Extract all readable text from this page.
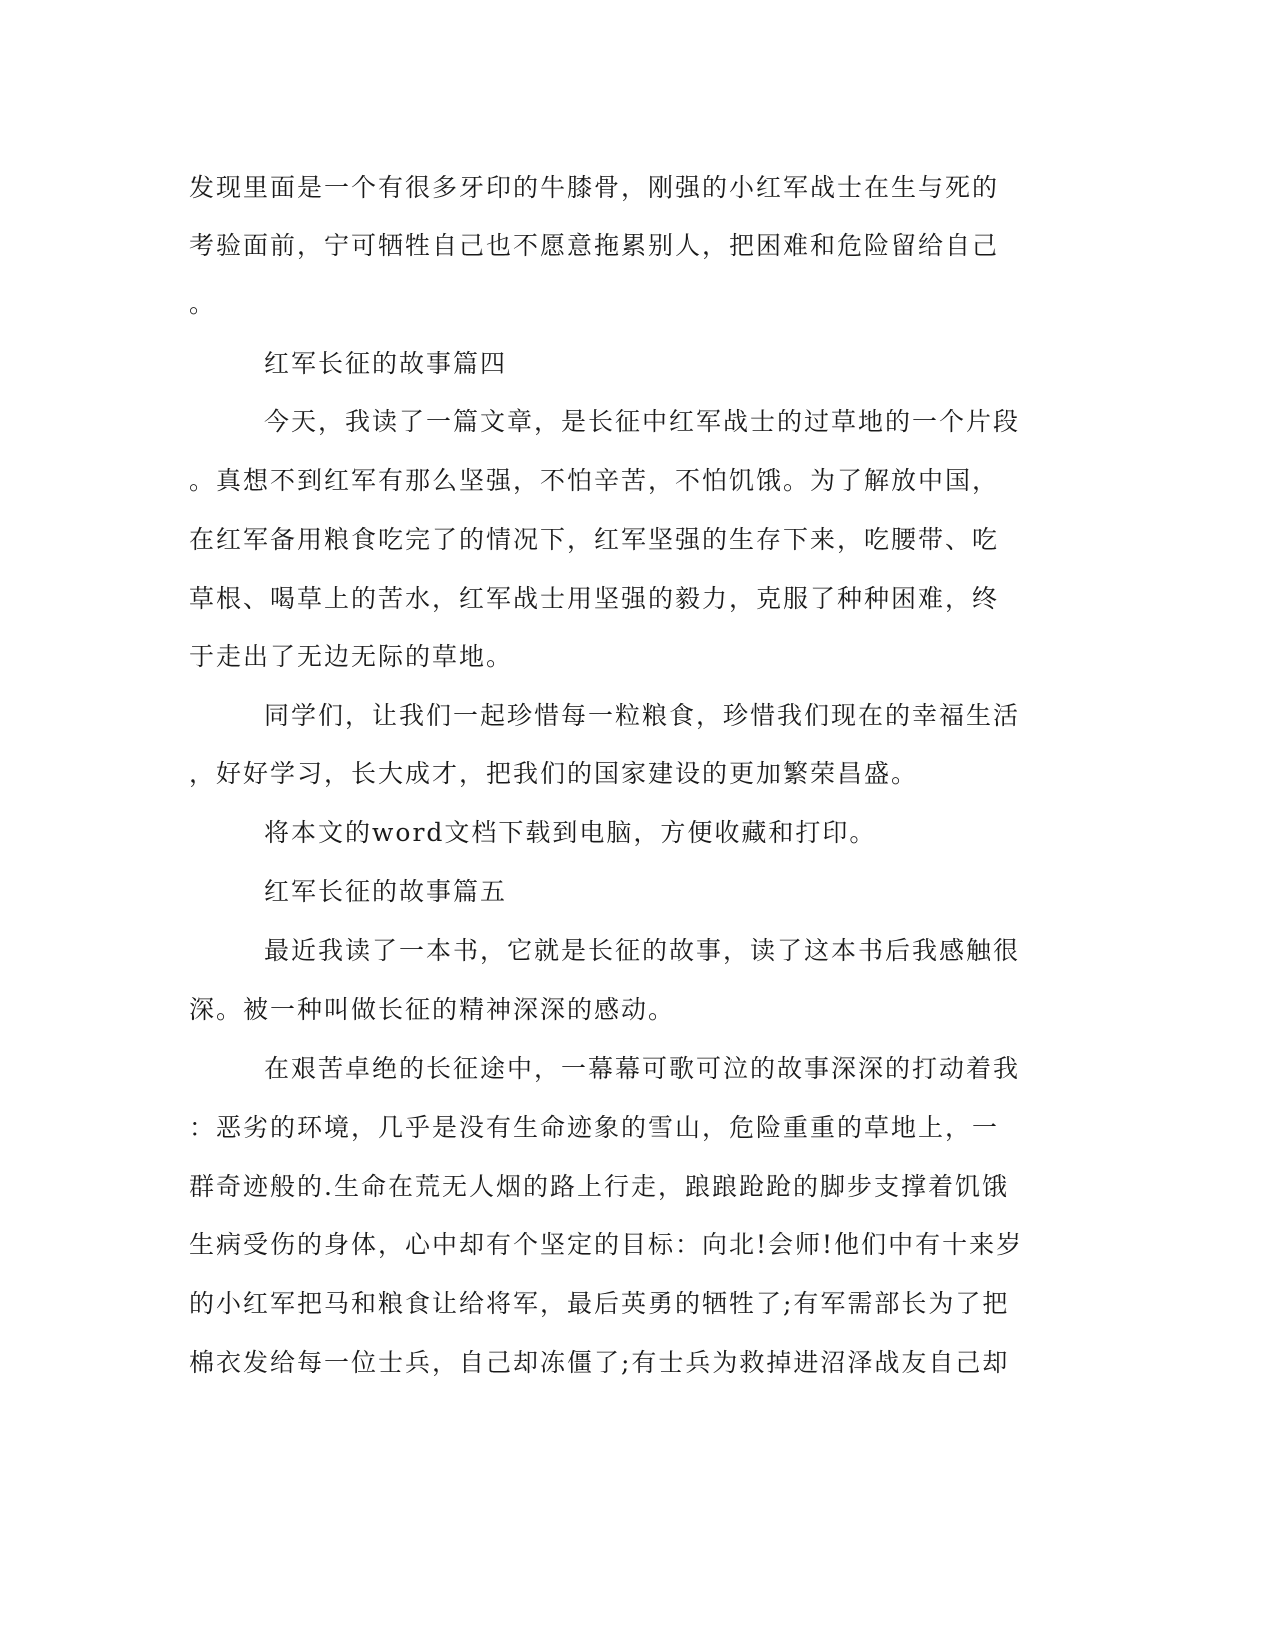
发现里面是一个有很多牙印的牛膝骨，刚强的小红军战士在生与死的
考验面前，宁可牺牲自己也不愿意拖累别人，把困难和危险留给自己
。
红军长征的故事篇四
今天，我读了一篇文章，是长征中红军战士的过草地的一个片段
。真想不到红军有那么坚强，不怕辛苦，不怕饥饿。为了解放中国，
在红军备用粮食吃完了的情况下，红军坚强的生存下来，吃腰带、吃
草根、喝草上的苦水，红军战士用坚强的毅力，克服了种种困难，终
于走出了无边无际的草地。
同学们，让我们一起珍惜每一粒粮食，珍惜我们现在的幸福生活
，好好学习，长大成才，把我们的国家建设的更加繁荣昌盛。
将本文的word文档下载到电脑，方便收藏和打印。
红军长征的故事篇五
最近我读了一本书，它就是长征的故事，读了这本书后我感触很
深。被一种叫做长征的精神深深的感动。
在艰苦卓绝的长征途中，一幕幕可歌可泣的故事深深的打动着我
：恶劣的环境，几乎是没有生命迹象的雪山，危险重重的草地上，一
群奇迹般的.生命在荒无人烟的路上行走，踉踉跄跄的脚步支撑着饥饿
生病受伤的身体，心中却有个坚定的目标：向北!会师!他们中有十来岁
的小红军把马和粮食让给将军，最后英勇的牺牲了;有军需部长为了把
棉衣发给每一位士兵，自己却冻僵了;有士兵为救掉进沼泽战友自己却
